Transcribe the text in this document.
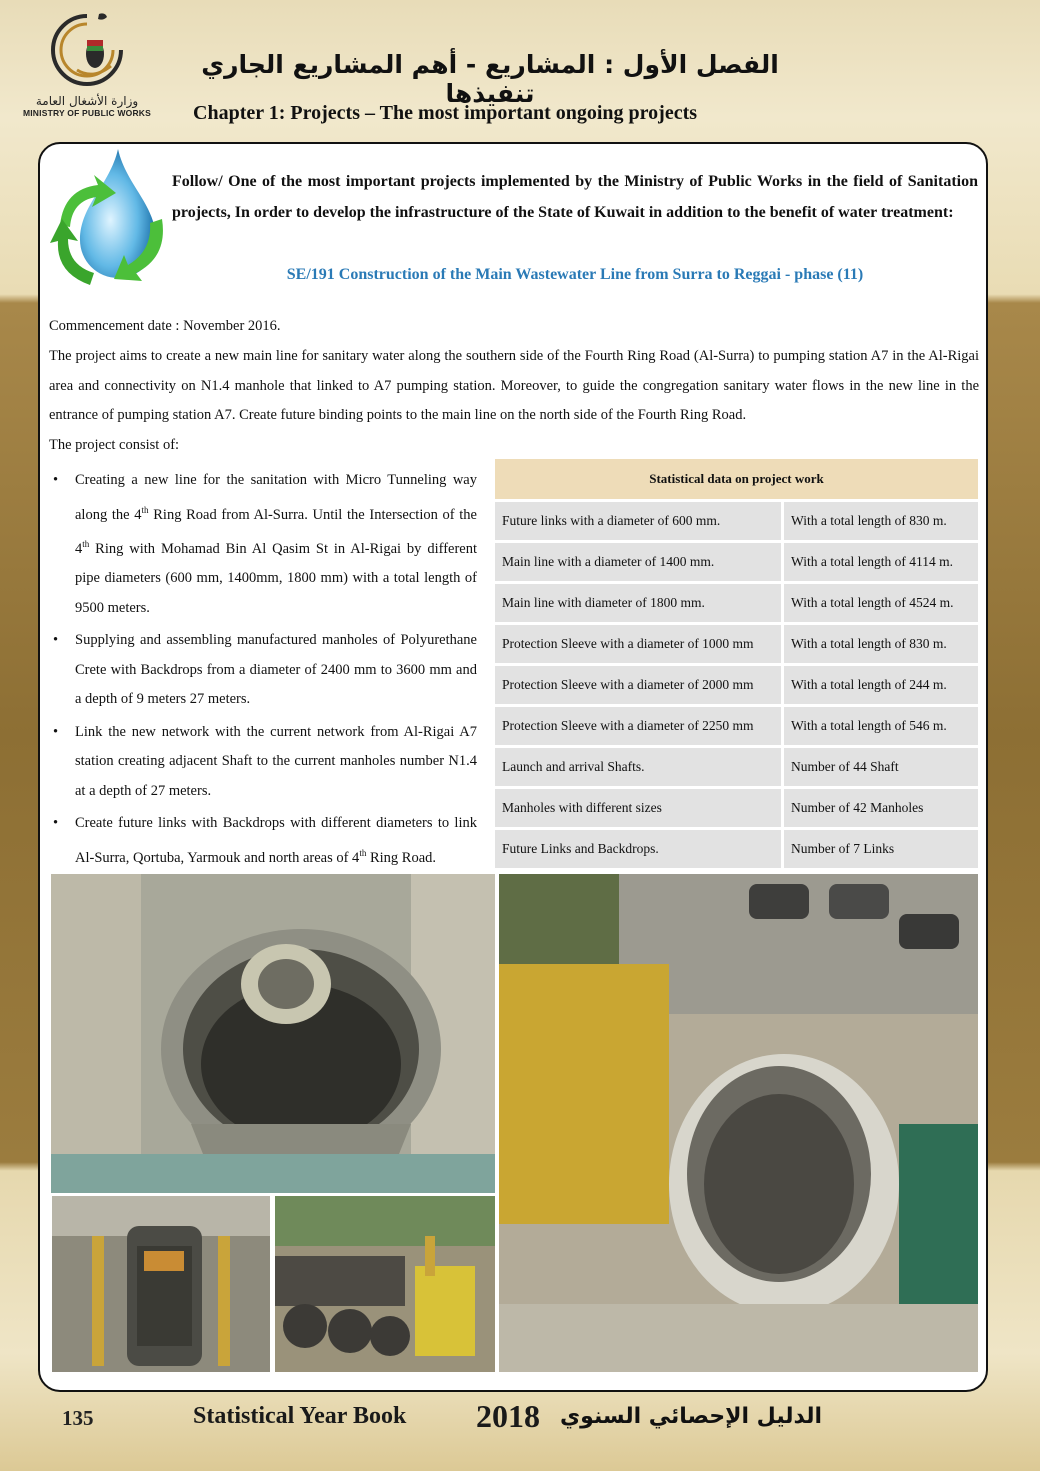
وزارة الأشغال العامة
MINISTRY OF PUBLIC WORKS
الفصل الأول : المشاريع - أهم المشاريع الجاري تنفيذها
Chapter 1: Projects – The most important ongoing projects
Follow/ One of the most important projects implemented by the Ministry of Public Works in the field of Sanitation projects, In order to develop the infrastructure of the State of Kuwait in addition to the benefit of water treatment:
SE/191 Construction of the Main Wastewater Line from Surra to Reggai - phase (11)
Commencement date : November 2016.
The project aims to create a new main line for sanitary water along the southern side of the Fourth Ring Road (Al-Surra) to pumping station A7 in the Al-Rigai area and connectivity on N1.4 manhole that linked to A7 pumping station. Moreover, to guide the congregation sanitary water flows in the new line in the entrance of pumping station A7. Create future binding points to the main line on the north side of the Fourth Ring Road.
The project consist of:
• Creating a new line for the sanitation with Micro Tunneling way along the 4th Ring Road from Al-Surra. Until the Intersection of the 4th Ring with Mohamad Bin Al Qasim St in Al-Rigai by different pipe diameters (600 mm, 1400mm, 1800 mm) with a total length of 9500 meters.
• Supplying and assembling manufactured manholes of Polyurethane Crete with Backdrops from a diameter of 2400 mm to 3600 mm and a depth of 9 meters 27 meters.
• Link the new network with the current network from Al-Rigai A7 station creating adjacent Shaft to the current manholes number N1.4 at a depth of 27 meters.
• Create future links with Backdrops with different diameters to link Al-Surra, Qortuba, Yarmouk and north areas of 4th Ring Road.
Statistical data on project work	
Future links with a diameter of 600 mm.	With a total length of 830 m.
Main line with a diameter of 1400 mm.	With a total length of 4114 m.
Main line with diameter of 1800 mm.	With a total length of 4524 m.
Protection Sleeve with a diameter of 1000 mm	With a total length of 830 m.
Protection Sleeve with a diameter of 2000 mm	With a total length of 244 m.
Protection Sleeve with a diameter of 2250 mm	With a total length of 546 m.
Launch and arrival Shafts.	Number of 44 Shaft
Manholes with different sizes	Number of 42 Manholes
Future Links and Backdrops.	Number of 7 Links
135	Statistical Year Book 2018 الدليل الإحصائي السنوي
